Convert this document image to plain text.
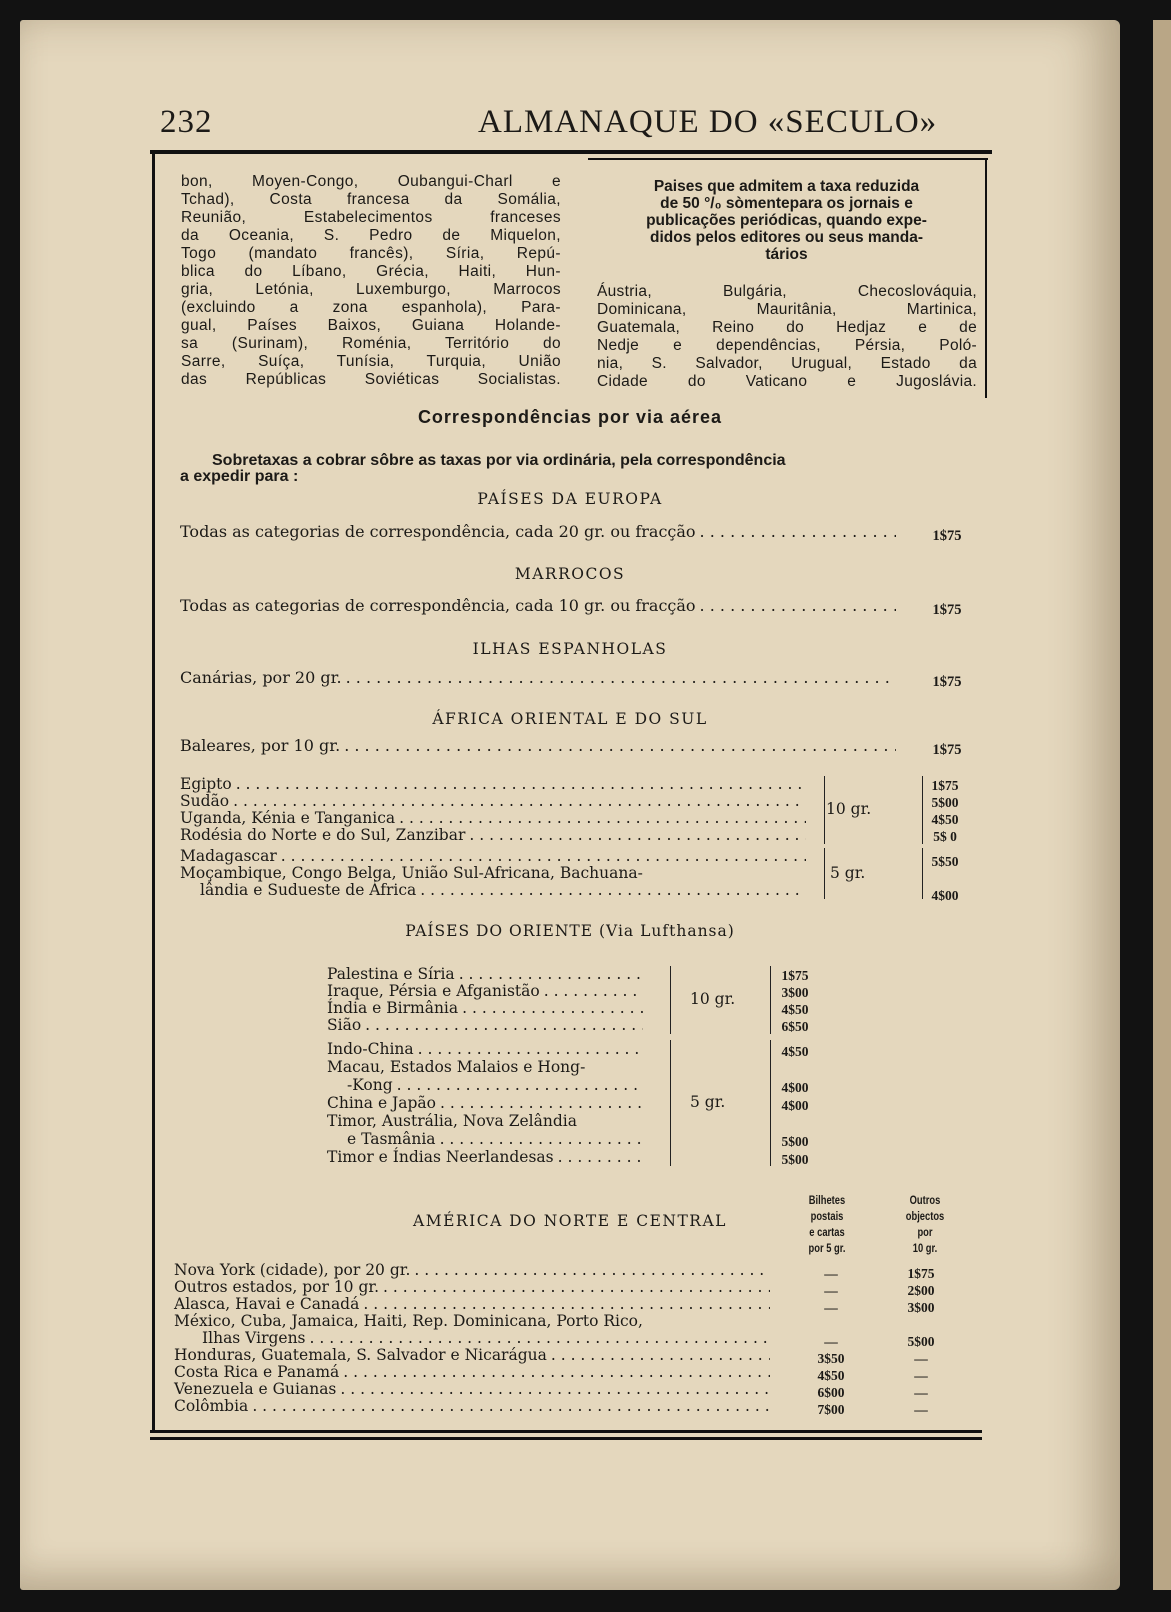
232	ALMANAQUE DO «SECULO»
bon, Moyen-Congo, Oubangui-Charl e
Tchad), Costa francesa da Somália,
Reunião, Estabelecimentos franceses
da Oceania, S. Pedro de Miquelon,
Togo (mandato francês), Síria, Repú-
blica do Líbano, Grécia, Haiti, Hun-
gria, Letónia, Luxemburgo, Marrocos
(excluindo a zona espanhola), Para-
gual, Países Baixos, Guiana Holande-
sa (Surinam), Roménia, Território do
Sarre, Suíça, Tunísia, Turquia, União
das Repúblicas Soviéticas Socialistas.
Paises que admitem a taxa reduzida
de 50 °/₀ sòmentepara os jornais e
publicações periódicas, quando expe-
didos pelos editores ou seus manda-
tários
Áustria, Bulgária, Checoslováquia,
Dominicana, Mauritânia, Martinica,
Guatemala, Reino do Hedjaz e de
Nedje e dependências, Pérsia, Poló-
nia, S. Salvador, Urugual, Estado da
Cidade do Vaticano e Jugoslávia.
Correspondências por via aérea
Sobretaxas a cobrar sôbre as taxas por via ordinária, pela correspondência
a expedir para :
PAÍSES DA EUROPA
Todas as categorias de correspondência, cada 20 gr. ou fracção . . .	1$75
MARROCOS
Todas as categorias de correspondência, cada 10 gr. ou fracção . . .	1$75
ILHAS ESPANHOLAS
Canárias, por 20 gr. . . .	1$75
ÁFRICA ORIENTAL E DO SUL
Baleares, por 10 gr. . . .	1$75
Egipto . . .	1$75
Sudão . . .	5$00
Uganda, Kénia e Tanganica . . .	4$50
Rodésia do Norte e do Sul, Zanzibar . . .	5$ 0
10 gr.
Madagascar . . .	5$50
Moçambique, Congo Belga, União Sul-Africana, Bachuana-
lândia e Sudueste de África . . .	4$00
5 gr.
PAÍSES DO ORIENTE (Via Lufthansa)
Palestina e Síria . . .	1$75
Iraque, Pérsia e Afganistão . . .	3$00
Índia e Birmânia . . .	4$50
Sião . . .	6$50
10 gr.
Indo-China . . .	4$50
Macau, Estados Malaios e Hong-
-Kong . . .	4$00
China e Japão . . .	4$00
Timor, Austrália, Nova Zelândia
e Tasmânia . . .	5$00
Timor e Índias Neerlandesas . . .	5$00
5 gr.
AMÉRICA DO NORTE E CENTRAL
Bilhetes
postais
e cartas
por 5 gr.
Outros
objectos
por
10 gr.
Nova York (cidade), por 20 gr. . . .	—	1$75
Outros estados, por 10 gr. . . .	—	2$00
Alasca, Havai e Canadá . . .	—	3$00
México, Cuba, Jamaica, Haiti, Rep. Dominicana, Porto Rico,
Ilhas Virgens . . .	—	5$00
Honduras, Guatemala, S. Salvador e Nicarágua . . .	3$50	—
Costa Rica e Panamá . . .	4$50	—
Venezuela e Guianas . . .	6$00	—
Colômbia . . .	7$00	—
